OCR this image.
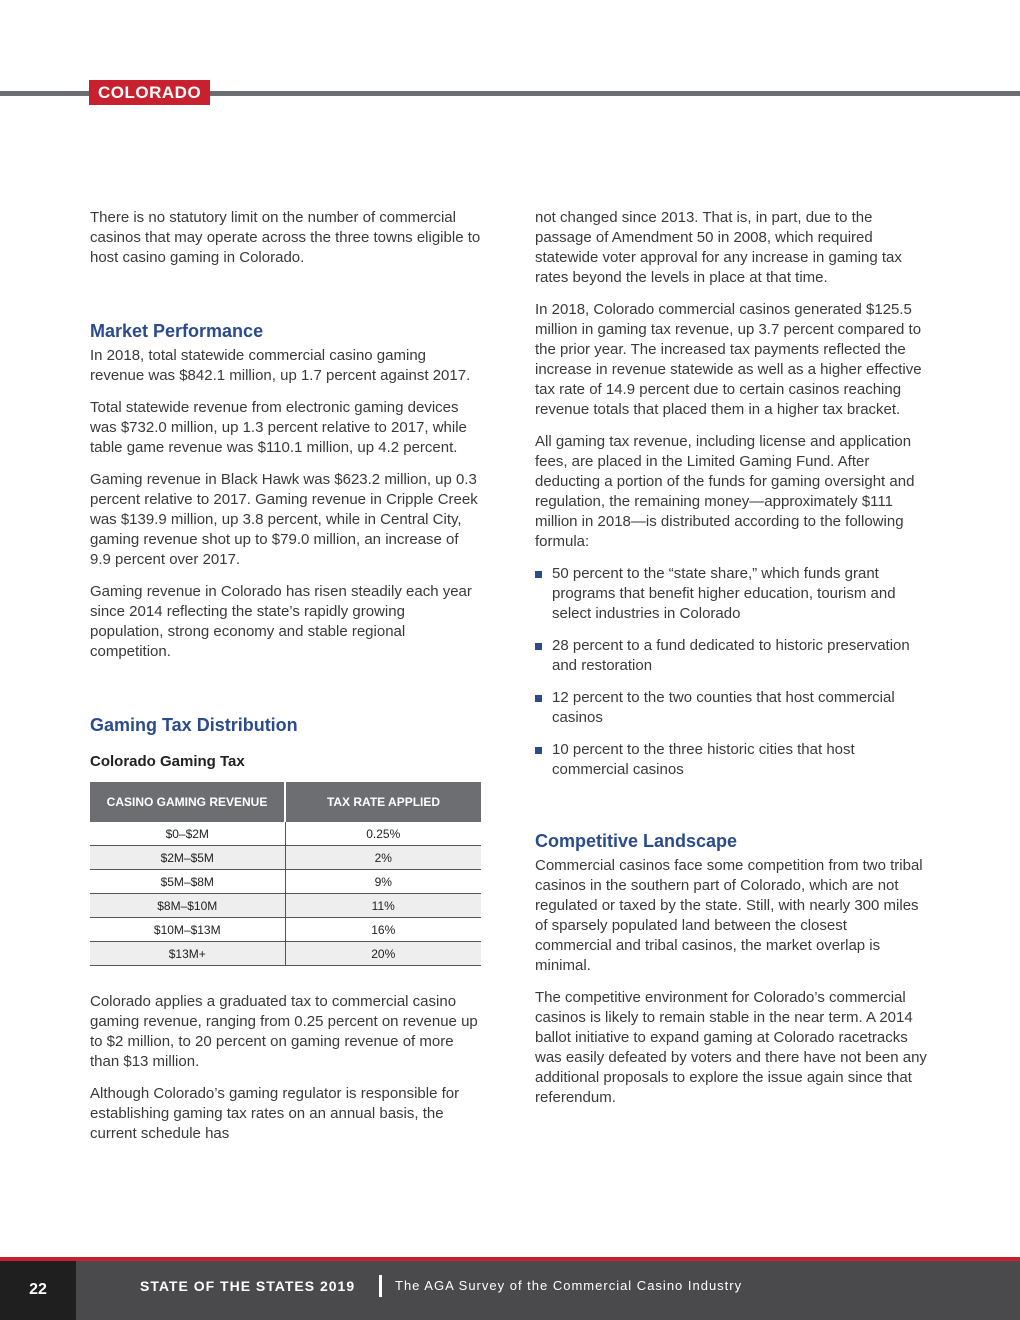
COLORADO

There is no statutory limit on the number of commercial casinos that may operate across the three towns eligible to host casino gaming in Colorado.

Market Performance

In 2018, total statewide commercial casino gaming revenue was $842.1 million, up 1.7 percent against 2017.

Total statewide revenue from electronic gaming devices was $732.0 million, up 1.3 percent relative to 2017, while table game revenue was $110.1 million, up 4.2 percent.

Gaming revenue in Black Hawk was $623.2 million, up 0.3 percent relative to 2017. Gaming revenue in Cripple Creek was $139.9 million, up 3.8 percent, while in Central City, gaming revenue shot up to $79.0 million, an increase of 9.9 percent over 2017.

Gaming revenue in Colorado has risen steadily each year since 2014 reflecting the state’s rapidly growing population, strong economy and stable regional competition.

Gaming Tax Distribution
Colorado Gaming Tax
CASINO GAMING REVENUE	TAX RATE APPLIED
$0–$2M	0.25%
$2M–$5M	2%
$5M–$8M	9%
$8M–$10M	11%
$10M–$13M	16%
$13M+	20%

Colorado applies a graduated tax to commercial casino gaming revenue, ranging from 0.25 percent on revenue up to $2 million, to 20 percent on gaming revenue of more than $13 million.

Although Colorado’s gaming regulator is responsible for establishing gaming tax rates on an annual basis, the current schedule has

not changed since 2013. That is, in part, due to the passage of Amendment 50 in 2008, which required statewide voter approval for any increase in gaming tax rates beyond the levels in place at that time.

In 2018, Colorado commercial casinos generated $125.5 million in gaming tax revenue, up 3.7 percent compared to the prior year. The increased tax payments reflected the increase in revenue statewide as well as a higher effective tax rate of 14.9 percent due to certain casinos reaching revenue totals that placed them in a higher tax bracket.

All gaming tax revenue, including license and application fees, are placed in the Limited Gaming Fund. After deducting a portion of the funds for gaming oversight and regulation, the remaining money—approximately $111 million in 2018—is distributed according to the following formula:

50 percent to the “state share,” which funds grant programs that benefit higher education, tourism and select industries in Colorado
28 percent to a fund dedicated to historic preservation and restoration
12 percent to the two counties that host commercial casinos
10 percent to the three historic cities that host commercial casinos
Competitive Landscape

Commercial casinos face some competition from two tribal casinos in the southern part of Colorado, which are not regulated or taxed by the state. Still, with nearly 300 miles of sparsely populated land between the closest commercial and tribal casinos, the market overlap is minimal.

The competitive environment for Colorado’s commercial casinos is likely to remain stable in the near term. A 2014 ballot initiative to expand gaming at Colorado racetracks was easily defeated by voters and there have not been any additional proposals to explore the issue again since that referendum.

22	STATE OF THE STATES 2019	The AGA Survey of the Commercial Casino Industry
